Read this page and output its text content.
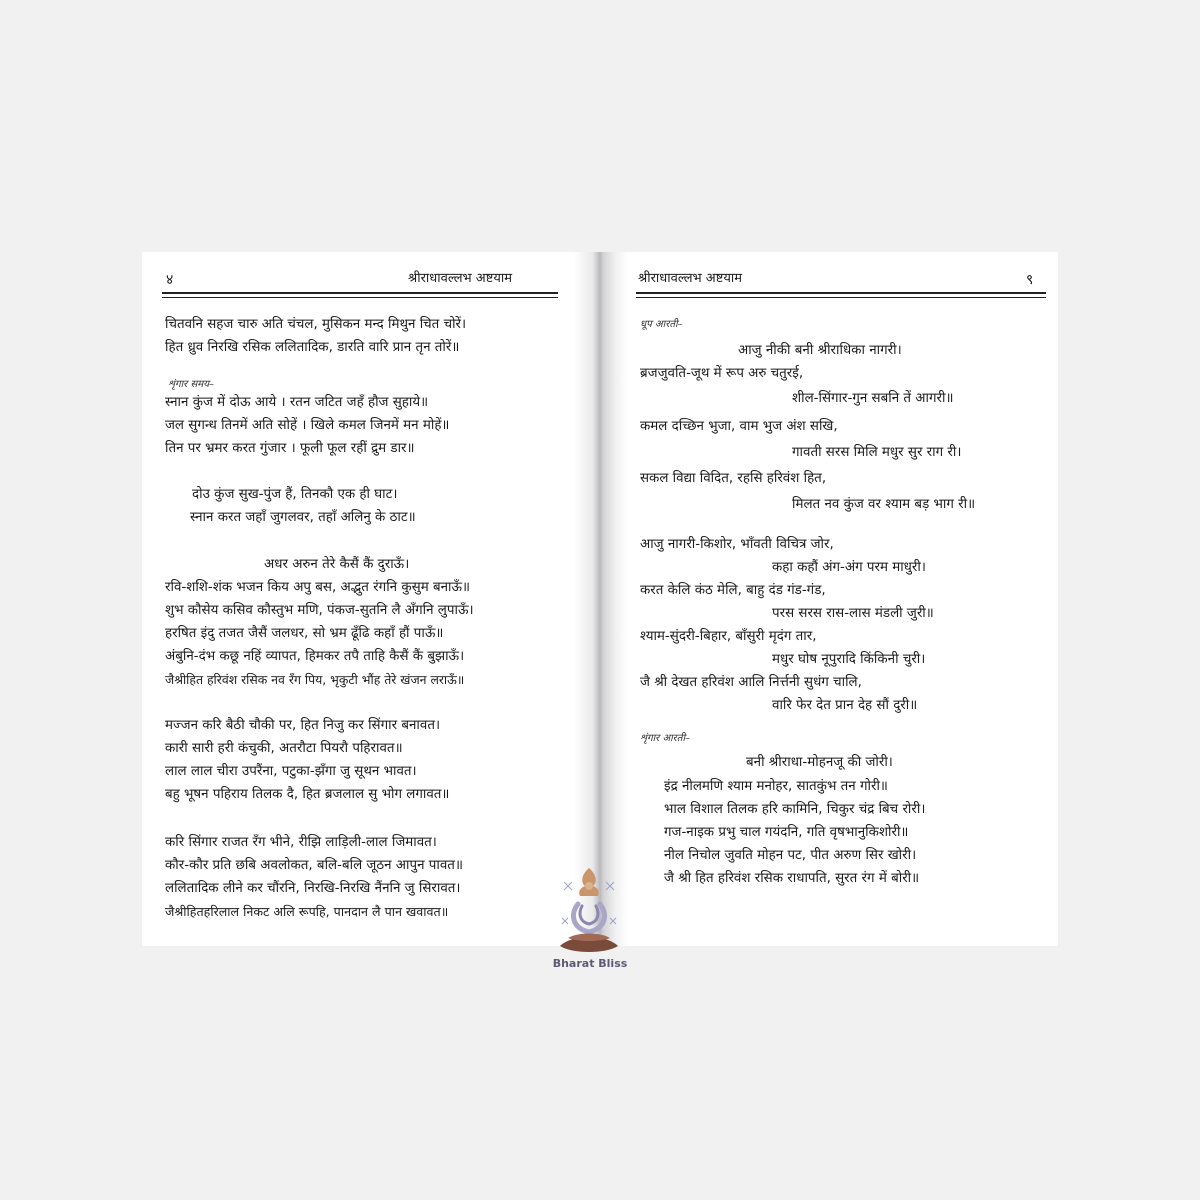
४	श्रीराधावल्लभ अष्टयाम
चितवनि सहज चारु अति चंचल, मुसिकन मन्द मिथुन चित चोरें।
हित ध्रुव निरखि रसिक ललितादिक, डारति वारि प्रान तृन तोरें॥
शृंगार समय–
स्नान कुंज में दोऊ आये । रतन जटित जहँ हौज सुहाये॥
जल सुगन्ध तिनमें अति सोहें । खिले कमल जिनमें मन मोहें॥
तिन पर भ्रमर करत गुंजार । फूली फूल रहीं द्रुम डार॥
दोउ कुंज सुख-पुंज हैं, तिनकौ एक ही घाट।
स्नान करत जहाँ जुगलवर, तहाँ अलिनु के ठाट॥
अधर अरुन तेरे कैसैं कैं दुराऊँ।
रवि-शशि-शंक भजन किय अपु बस, अद्भुत रंगनि कुसुम बनाऊँ॥
शुभ कौसेय कसिव कौस्तुभ मणि, पंकज-सुतनि लै अँगनि लुपाऊँ।
हरषित इंदु तजत जैसैं जलधर, सो भ्रम ढूँढि कहाँ हौं पाऊँ॥
अंबुनि-दंभ कछू नहिं व्यापत, हिमकर तपै ताहि कैसैं कैं बुझाऊँ।
जैश्रीहित हरिवंश रसिक नव रँग पिय, भृकुटी भौंह तेरे खंजन लराऊँ॥
मज्जन करि बैठी चौकी पर, हित निजु कर सिंगार बनावत।
कारी सारी हरी कंचुकी, अतरौटा पियरौ पहिरावत॥
लाल लाल चीरा उपरैंना, पटुका-झँगा जु सूथन भावत।
बहु भूषन पहिराय तिलक दै, हित ब्रजलाल सु भोग लगावत॥
करि सिंगार राजत रँग भीने, रीझि लाड़िली-लाल जिमावत।
कौर-कौर प्रति छबि अवलोकत, बलि-बलि जूठन आपुन पावत॥
ललितादिक लीने कर चौंरनि, निरखि-निरखि नैंननि जु सिरावत।
जैश्रीहितहरिलाल निकट अलि रूपहि, पानदान लै पान खवावत॥
श्रीराधावल्लभ अष्टयाम	९
धूप आरती–
आजु नीकी बनी श्रीराधिका नागरी।
ब्रजजुवति-जूथ में रूप अरु चतुरई,
शील-सिंगार-गुन सबनि तें आगरी॥
कमल दच्छिन भुजा, वाम भुज अंश सखि,
गावती सरस मिलि मधुर सुर राग री।
सकल विद्या विदित, रहसि हरिवंश हित,
मिलत नव कुंज वर श्याम बड़ भाग री॥
आजु नागरी-किशोर, भाँवती विचित्र जोर,
कहा कहौं अंग-अंग परम माधुरी।
करत केलि कंठ मेलि, बाहु दंड गंड-गंड,
परस सरस रास-लास मंडली जुरी॥
श्याम-सुंदरी-बिहार, बाँसुरी मृदंग तार,
मधुर घोष नूपुरादि किंकिनी चुरी।
जै श्री देखत हरिवंश आलि निर्त्तनी सुधंग चालि,
वारि फेर देत प्रान देह सौं दुरी॥
शृंगार आरती–
बनी श्रीराधा-मोहनजू की जोरी।
इंद्र नीलमणि श्याम मनोहर, सातकुंभ तन गोरी॥
भाल विशाल तिलक हरि कामिनि, चिकुर चंद्र बिच रोरी।
गज-नाइक प्रभु चाल गयंदनि, गति वृषभानुकिशोरी॥
नील निचोल जुवति मोहन पट, पीत अरुण सिर खोरी।
जै श्री हित हरिवंश रसिक राधापति, सुरत रंग में बोरी॥
Bharat Bliss
